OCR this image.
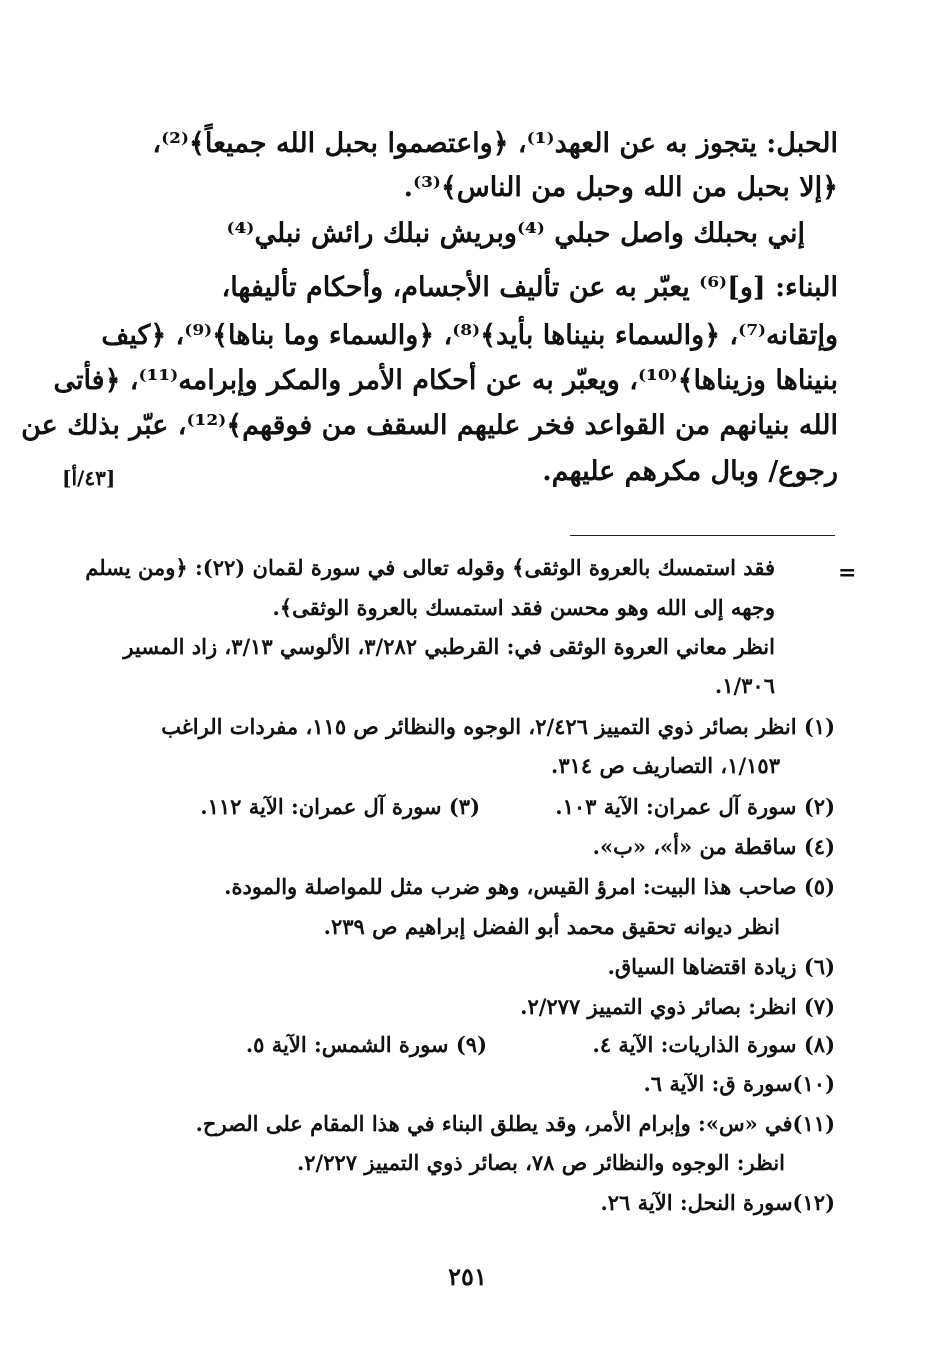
الحبل: يتجوز به عن العهد⁽¹⁾، ﴿واعتصموا بحبل الله جميعاً﴾⁽²⁾،
﴿إلا بحبل من الله وحبل من الناس﴾⁽³⁾.
إني بحبلك واصل حبلي ⁽⁴⁾وبريش نبلك رائش نبلي⁽⁴⁾
البناء: [و]⁽⁶⁾ يعبّر به عن تأليف الأجسام، وأحكام تأليفها،
وإتقانه⁽⁷⁾، ﴿والسماء بنيناها بأيد﴾⁽⁸⁾، ﴿والسماء وما بناها﴾⁽⁹⁾، ﴿كيف
بنيناها وزيناها﴾⁽¹⁰⁾، ويعبّر به عن أحكام الأمر والمكر وإبرامه⁽¹¹⁾، ﴿فأتى
الله بنيانهم من القواعد فخر عليهم السقف من فوقهم﴾⁽¹²⁾، عبّر بذلك عن
رجوع/ وبال مكرهم عليهم.
[٤٣/أ]
=
فقد استمسك بالعروة الوثقى﴾ وقوله تعالى في سورة لقمان (٢٢): ﴿ومن يسلم
وجهه إلى الله وهو محسن فقد استمسك بالعروة الوثقى﴾.
انظر معاني العروة الوثقى في: القرطبي ٣/٢٨٢، الألوسي ٣/١٣، زاد المسير
١/٣٠٦.
(١) انظر بصائر ذوي التمييز ٢/٤٢٦، الوجوه والنظائر ص ١١٥، مفردات الراغب
١/١٥٣، التصاريف ص ٣١٤.
(٢) سورة آل عمران: الآية ١٠٣.
(٣) سورة آل عمران: الآية ١١٢.
(٤) ساقطة من «أ»، «ب».
(٥) صاحب هذا البيت: امرؤ القيس، وهو ضرب مثل للمواصلة والمودة.
انظر ديوانه تحقيق محمد أبو الفضل إبراهيم ص ٢٣٩.
(٦) زيادة اقتضاها السياق.
(٧) انظر: بصائر ذوي التمييز ٢/٢٧٧.
(٨) سورة الذاريات: الآية ٤.
(٩) سورة الشمس: الآية ٥.
(١٠)سورة ق: الآية ٦.
(١١)في «س»: وإبرام الأمر، وقد يطلق البناء في هذا المقام على الصرح.
انظر: الوجوه والنظائر ص ٧٨، بصائر ذوي التمييز ٢/٢٢٧.
(١٢)سورة النحل: الآية ٢٦.
٢٥١
